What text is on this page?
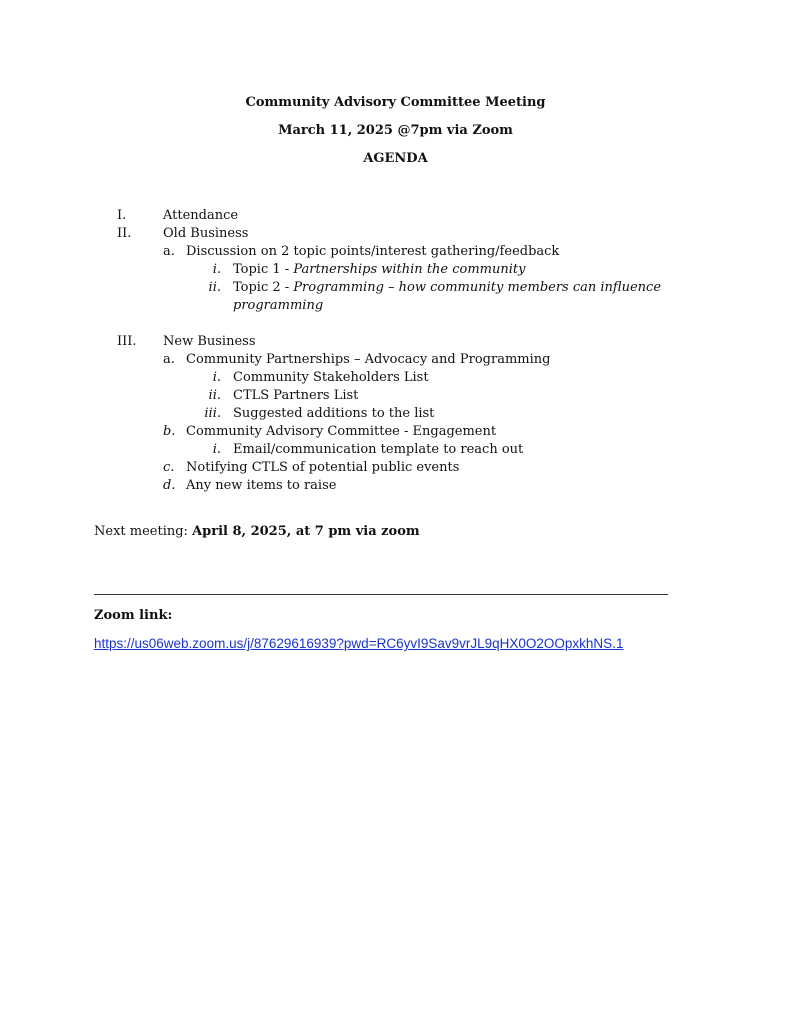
Community Advisory Committee Meeting
March 11, 2025 @7pm via Zoom
AGENDA
I.	Attendance
II. Old Business
a. Discussion on 2 topic points/interest gathering/feedback
i. Topic 1 - Partnerships within the community
ii. Topic 2 - Programming – how community members can influence
programming
III. New Business
a. Community Partnerships – Advocacy and Programming
i. Community Stakeholders List
ii. CTLS Partners List
iii. Suggested additions to the list
b. Community Advisory Committee - Engagement
i. Email/communication template to reach out
c. Notifying CTLS of potential public events
d. Any new items to raise
Next meeting: April 8, 2025, at 7 pm via zoom
Zoom link:
https://us06web.zoom.us/j/87629616939?pwd=RC6yvI9Sav9vrJL9qHX0O2OOpxkhNS.1
